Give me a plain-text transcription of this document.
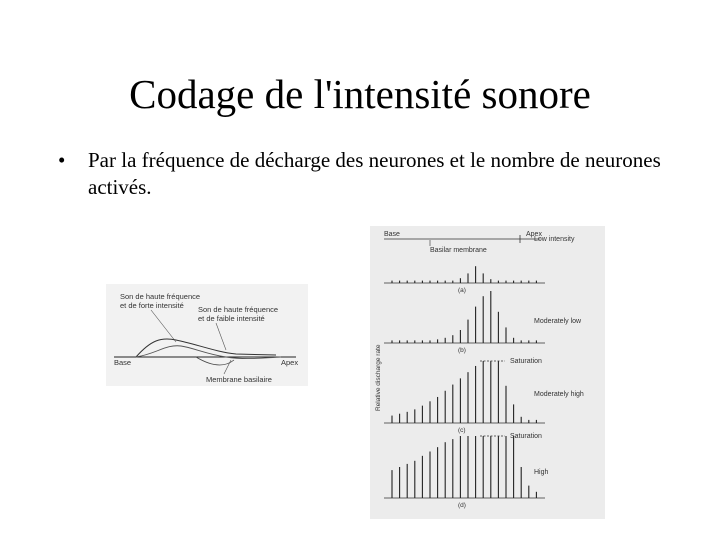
Codage de l'intensité sonore
• Par la fréquence de décharge des neurones et le nombre de neurones activés.
Son de haute fréquence
et de forte intensité Son de haute fréquence
et de faible intensité
Base	Apex
Membrane basilaire
Base	Apex
Basilar membrane
Relative discharge rate
Low intensity
(a)
Moderately low
(b)
Moderately high
(c)
Saturation
High
(d)
Saturation
